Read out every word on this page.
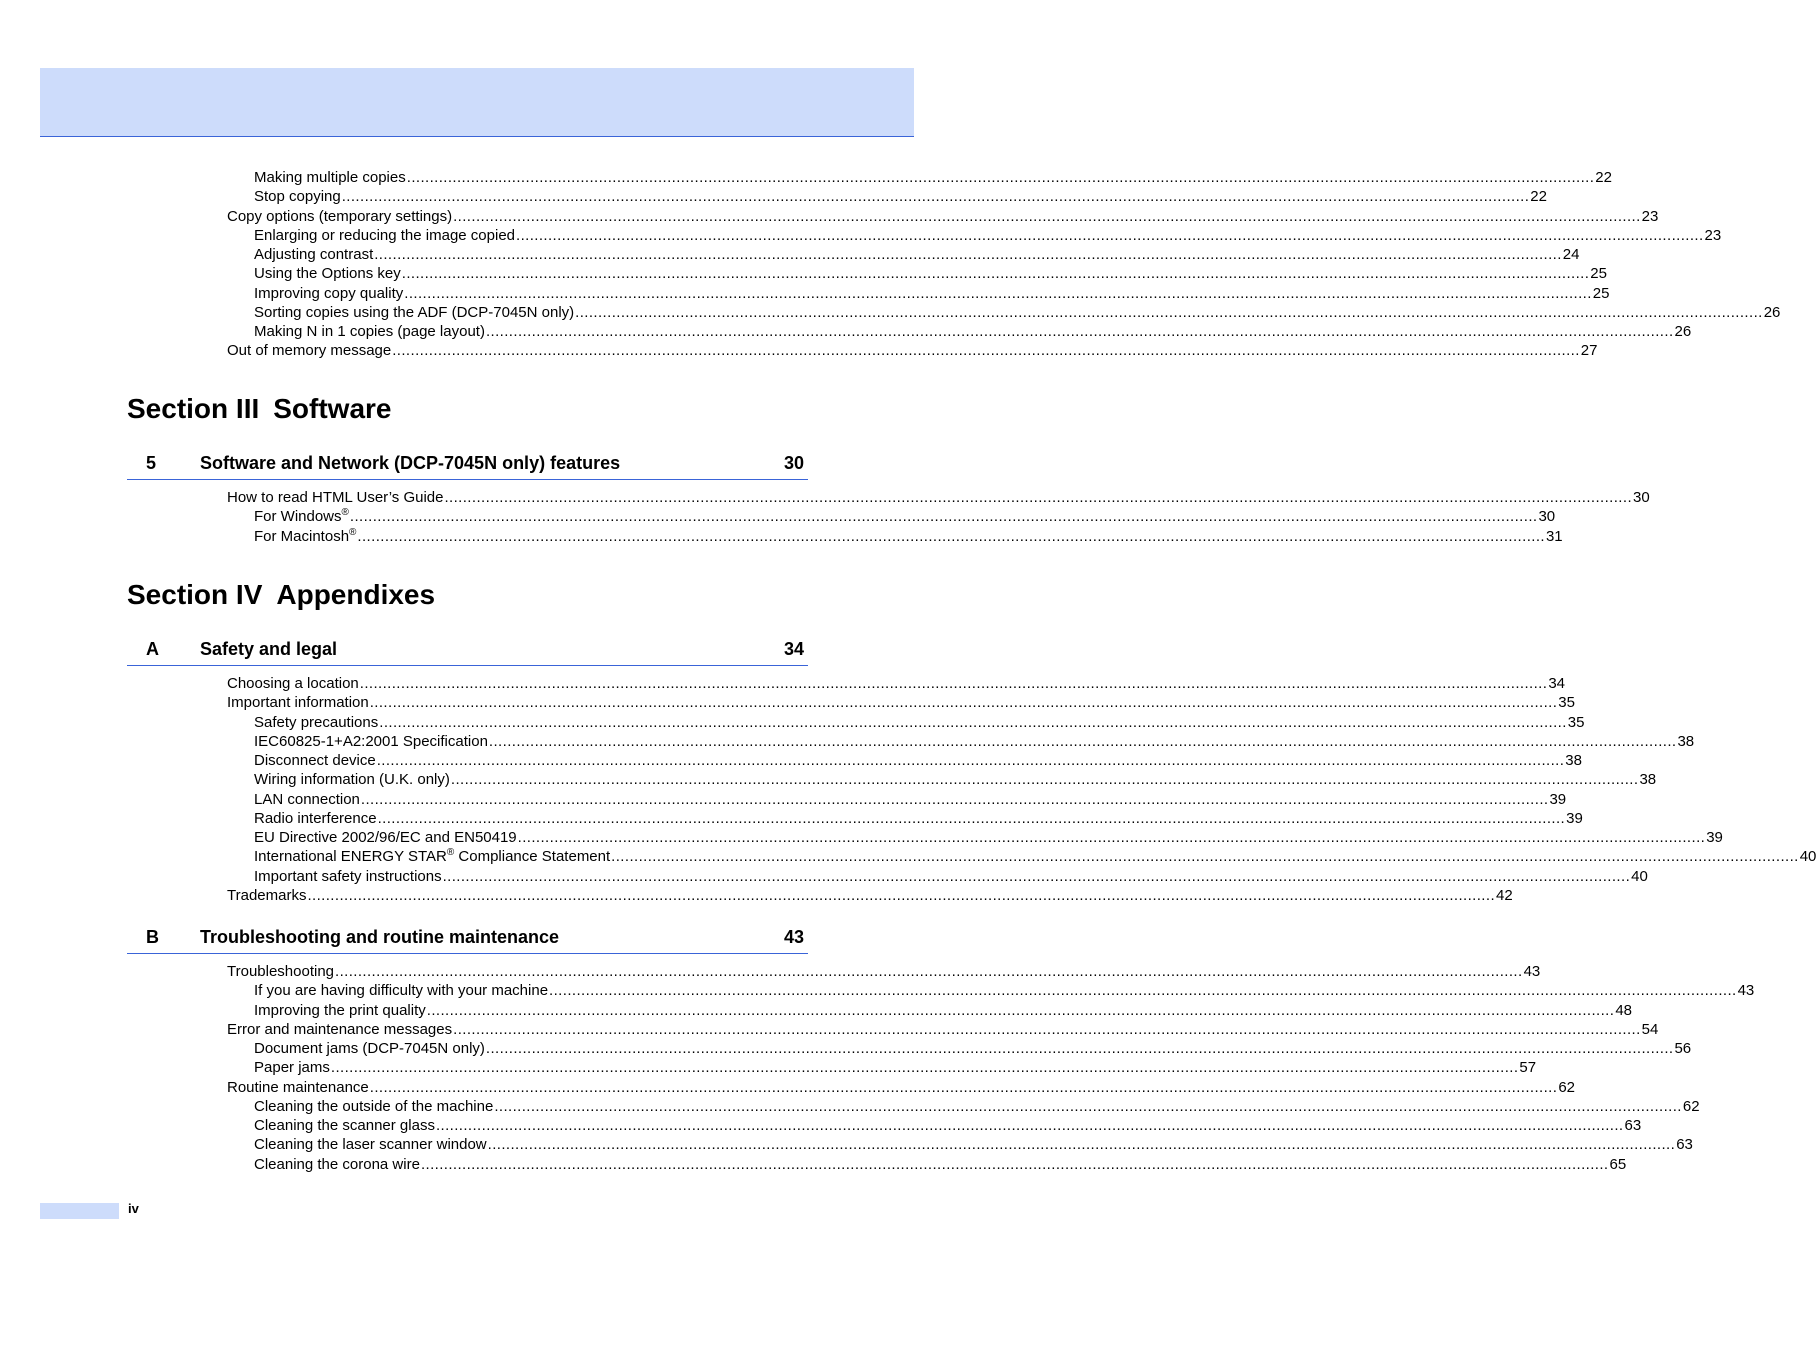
Making multiple copies .................................................................................................................................................................................................................................................................... 22
Stop copying .................................................................................................................................................................................................................................................................... 22
Copy options (temporary settings) .................................................................................................................................................................................................................................................................... 23
Enlarging or reducing the image copied .................................................................................................................................................................................................................................................................... 23
Adjusting contrast .................................................................................................................................................................................................................................................................... 24
Using the Options key .................................................................................................................................................................................................................................................................... 25
Improving copy quality .................................................................................................................................................................................................................................................................... 25
Sorting copies using the ADF (DCP-7045N only) .................................................................................................................................................................................................................................................................... 26
Making N in 1 copies (page layout) .................................................................................................................................................................................................................................................................... 26
Out of memory message .................................................................................................................................................................................................................................................................... 27
Section III Software
5 Software and Network (DCP-7045N only) features	30
How to read HTML User’s Guide .................................................................................................................................................................................................................................................................... 30
For Windows® .................................................................................................................................................................................................................................................................... 30
For Macintosh® .................................................................................................................................................................................................................................................................... 31
Section IV Appendixes
A Safety and legal	34
Choosing a location .................................................................................................................................................................................................................................................................... 34
Important information .................................................................................................................................................................................................................................................................... 35
Safety precautions .................................................................................................................................................................................................................................................................... 35
IEC60825-1+A2:2001 Specification .................................................................................................................................................................................................................................................................... 38
Disconnect device .................................................................................................................................................................................................................................................................... 38
Wiring information (U.K. only) .................................................................................................................................................................................................................................................................... 38
LAN connection .................................................................................................................................................................................................................................................................... 39
Radio interference .................................................................................................................................................................................................................................................................... 39
EU Directive 2002/96/EC and EN50419 .................................................................................................................................................................................................................................................................... 39
International ENERGY STAR® Compliance Statement .................................................................................................................................................................................................................................................................... 40
Important safety instructions .................................................................................................................................................................................................................................................................... 40
Trademarks .................................................................................................................................................................................................................................................................... 42
B Troubleshooting and routine maintenance	43
Troubleshooting .................................................................................................................................................................................................................................................................... 43
If you are having difficulty with your machine .................................................................................................................................................................................................................................................................... 43
Improving the print quality .................................................................................................................................................................................................................................................................... 48
Error and maintenance messages .................................................................................................................................................................................................................................................................... 54
Document jams (DCP-7045N only) .................................................................................................................................................................................................................................................................... 56
Paper jams .................................................................................................................................................................................................................................................................... 57
Routine maintenance .................................................................................................................................................................................................................................................................... 62
Cleaning the outside of the machine .................................................................................................................................................................................................................................................................... 62
Cleaning the scanner glass .................................................................................................................................................................................................................................................................... 63
Cleaning the laser scanner window .................................................................................................................................................................................................................................................................... 63
Cleaning the corona wire .................................................................................................................................................................................................................................................................... 65
iv
